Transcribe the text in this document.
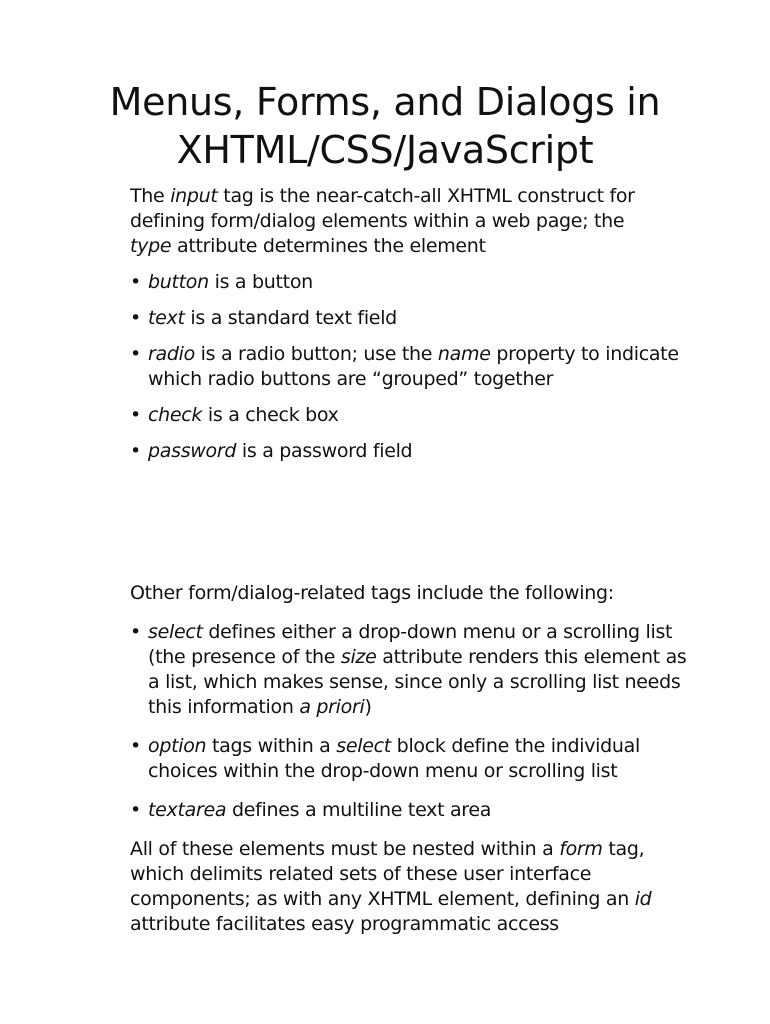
Menus, Forms, and Dialogs in
XHTML/CSS/JavaScript

The input tag is the near-catch-all XHTML construct for defining form/dialog elements within a web page; the type attribute determines the element

• button is a button

• text is a standard text field

• radio is a radio button; use the name property to indicate which radio buttons are “grouped” together

• check is a check box

• password is a password field

Other form/dialog-related tags include the following:

• select defines either a drop-down menu or a scrolling list (the presence of the size attribute renders this element as a list, which makes sense, since only a scrolling list needs this information a priori)

• option tags within a select block define the individual choices within the drop-down menu or scrolling list

• textarea defines a multiline text area

All of these elements must be nested within a form tag, which delimits related sets of these user interface components; as with any XHTML element, defining an id attribute facilitates easy programmatic access
